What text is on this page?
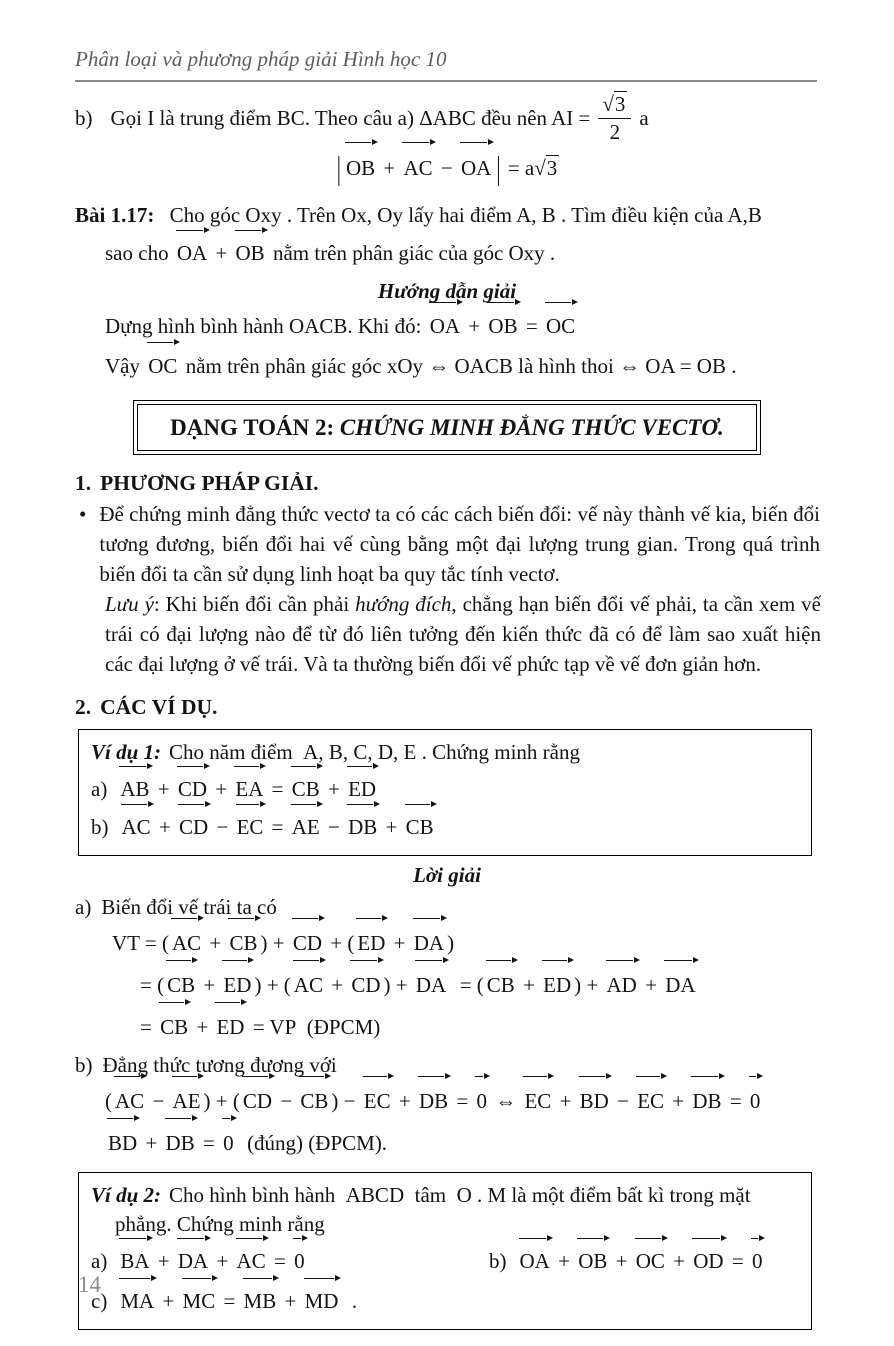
Phân loại và phương pháp giải Hình học 10
b) Gọi I là trung điểm BC. Theo câu a) ΔABC đều nên AI = $\frac{√3}{2}$ a
| OB + AC − OA | = a√3
Bài 1.17: Cho góc Oxy . Trên Ox, Oy lấy hai điểm A, B . Tìm điều kiện của A,B
sao cho OA + OB nằm trên phân giác của góc Oxy .
Hướng dẫn giải
Dựng hình bình hành OACB. Khi đó: OA + OB = OC
Vậy OC nằm trên phân giác góc xOy ⇔ OACB là hình thoi ⇔ OA = OB .
DẠNG TOÁN 2: CHỨNG MINH ĐẲNG THỨC VECTƠ.
1. PHƯƠNG PHÁP GIẢI.
• Để chứng minh đẳng thức vectơ ta có các cách biến đổi: vế này thành vế kia, biến đổi tương đương, biến đổi hai vế cùng bằng một đại lượng trung gian. Trong quá trình biến đổi ta cần sử dụng linh hoạt ba quy tắc tính vectơ.
Lưu ý: Khi biến đổi cần phải hướng đích, chẳng hạn biến đổi vế phải, ta cần xem vế trái có đại lượng nào để từ đó liên tưởng đến kiến thức đã có để làm sao xuất hiện các đại lượng ở vế trái. Và ta thường biến đổi vế phức tạp về vế đơn giản hơn.
2. CÁC VÍ DỤ.
Ví dụ 1: Cho năm điểm A, B, C, D, E . Chứng minh rằng
a) AB + CD + EA = CB + EDb) AC + CD − EC = AE − DB + CB
Lời giải
a) Biến đổi vế trái ta có
VT = ( AC + CB ) + CD + ( ED + DA )
= ( CB + ED ) + ( AC + CD ) + DA = ( CB + ED ) + AD + DA
= CB + ED = VP (ĐPCM)
b) Đẳng thức tương đương với
( AC − AE ) + ( CD − CB ) − EC + DB = 0 ⇔ EC + BD − EC + DB = 0
BD + DB = 0 (đúng) (ĐPCM).
Ví dụ 2: Cho hình bình hành ABCD tâm O . M là một điểm bất kì trong mặt
phẳng. Chứng minh rằng
a) BA + DA + AC = 0	b) OA + OB + OC + OD = 0
c) MA + MC = MB + MD .
14
